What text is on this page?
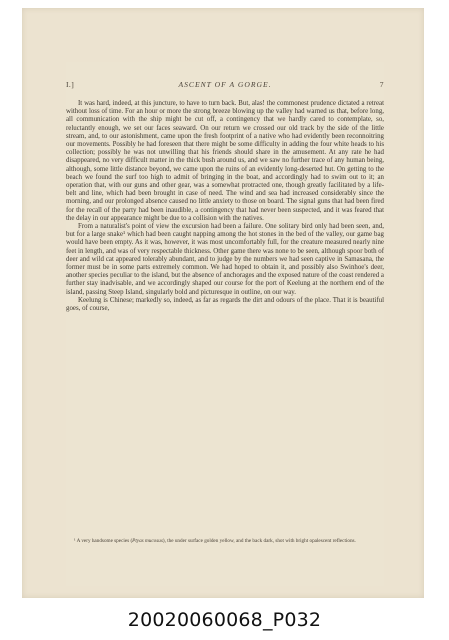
I.]	ASCENT OF A GORGE.	7

It was hard, indeed, at this juncture, to have to turn back. But, alas! the commonest prudence dictated a retreat without loss of time. For an hour or more the strong breeze blowing up the valley had warned us that, before long, all communication with the ship might be cut off, a contingency that we hardly cared to contemplate, so, reluctantly enough, we set our faces seaward. On our return we crossed our old track by the side of the little stream, and, to our astonishment, came upon the fresh footprint of a native who had evidently been reconnoitring our movements. Possibly he had foreseen that there might be some difficulty in adding the four white heads to his collection; possibly he was not unwilling that his friends should share in the amusement. At any rate he had disappeared, no very difficult matter in the thick bush around us, and we saw no further trace of any human being, although, some little distance beyond, we came upon the ruins of an evidently long-deserted hut. On getting to the beach we found the surf too high to admit of bringing in the boat, and accordingly had to swim out to it; an operation that, with our guns and other gear, was a somewhat protracted one, though greatly facilitated by a life-belt and line, which had been brought in case of need. The wind and sea had increased considerably since the morning, and our prolonged absence caused no little anxiety to those on board. The signal guns that had been fired for the recall of the party had been inaudible, a contingency that had never been suspected, and it was feared that the delay in our appearance might be due to a collision with the natives.

From a naturalist's point of view the excursion had been a failure. One solitary bird only had been seen, and, but for a large snake¹ which had been caught napping among the hot stones in the bed of the valley, our game bag would have been empty. As it was, however, it was most uncomfortably full, for the creature measured nearly nine feet in length, and was of very respectable thickness. Other game there was none to be seen, although spoor both of deer and wild cat appeared tolerably abundant, and to judge by the numbers we had seen captive in Samasana, the former must be in some parts extremely common. We had hoped to obtain it, and possibly also Swinhoe's deer, another species peculiar to the island, but the absence of anchorages and the exposed nature of the coast rendered a further stay inadvisable, and we accordingly shaped our course for the port of Keelung at the northern end of the island, passing Steep Island, singularly bold and picturesque in outline, on our way.

Keelung is Chinese; markedly so, indeed, as far as regards the dirt and odours of the place. That it is beautiful goes, of course,

¹ A very handsome species (Ptyas mucosus), the under surface golden yellow, and the back dark, shot with bright opalescent reflections.

20020060068_P032
